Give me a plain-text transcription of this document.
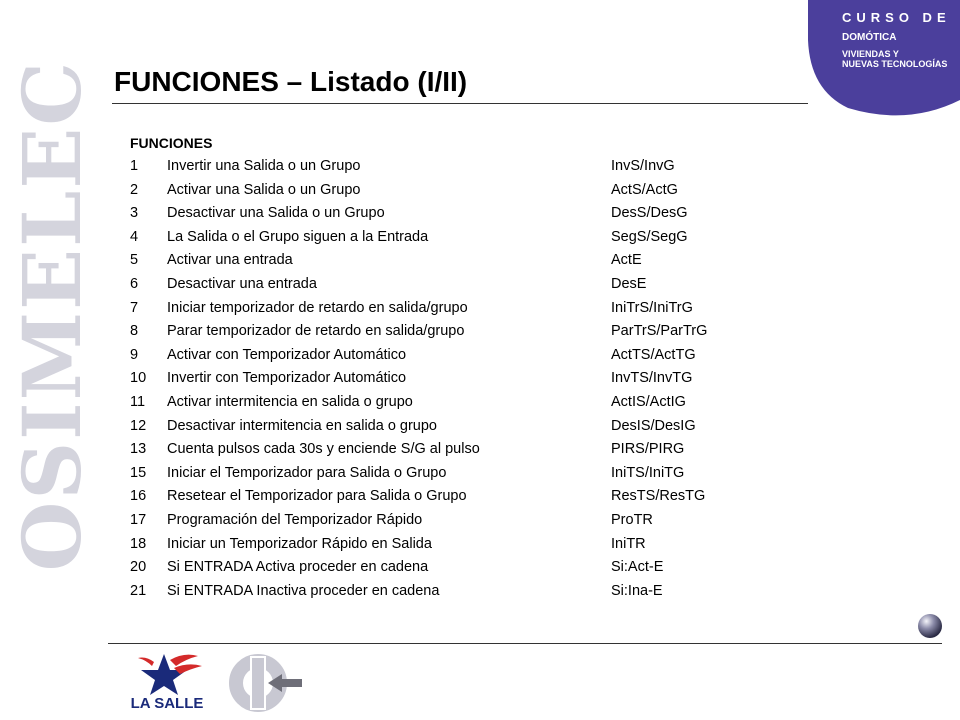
OSIMELEC
CURSO DE
DOMÓTICA
VIVIENDAS Y
NUEVAS TECNOLOGÍAS
FUNCIONES – Listado (I/II)
FUNCIONES
1 Invertir una Salida o un Grupo	InvS/InvG
2 Activar una Salida o un Grupo	ActS/ActG
3 Desactivar una Salida o un Grupo	DesS/DesG
4 La Salida o el Grupo siguen a la Entrada	SegS/SegG
5 Activar una entrada	ActE
6 Desactivar una entrada	DesE
7 Iniciar temporizador de retardo en salida/grupo	IniTrS/IniTrG
8 Parar temporizador de retardo en salida/grupo	ParTrS/ParTrG
9 Activar con Temporizador Automático	ActTS/ActTG
10 Invertir con Temporizador Automático	InvTS/InvTG
11 Activar intermitencia en salida o grupo	ActIS/ActIG
12 Desactivar intermitencia en salida o grupo	DesIS/DesIG
13 Cuenta pulsos cada 30s y enciende S/G al pulso	PIRS/PIRG
15 Iniciar el Temporizador para Salida o Grupo	IniTS/IniTG
16 Resetear el Temporizador para Salida o Grupo	ResTS/ResTG
17 Programación del Temporizador Rápido	ProTR
18 Iniciar un Temporizador Rápido en Salida	IniTR
20 Si ENTRADA Activa proceder en cadena	Si:Act-E
21 Si ENTRADA Inactiva proceder en cadena	Si:Ina-E
LA SALLE
